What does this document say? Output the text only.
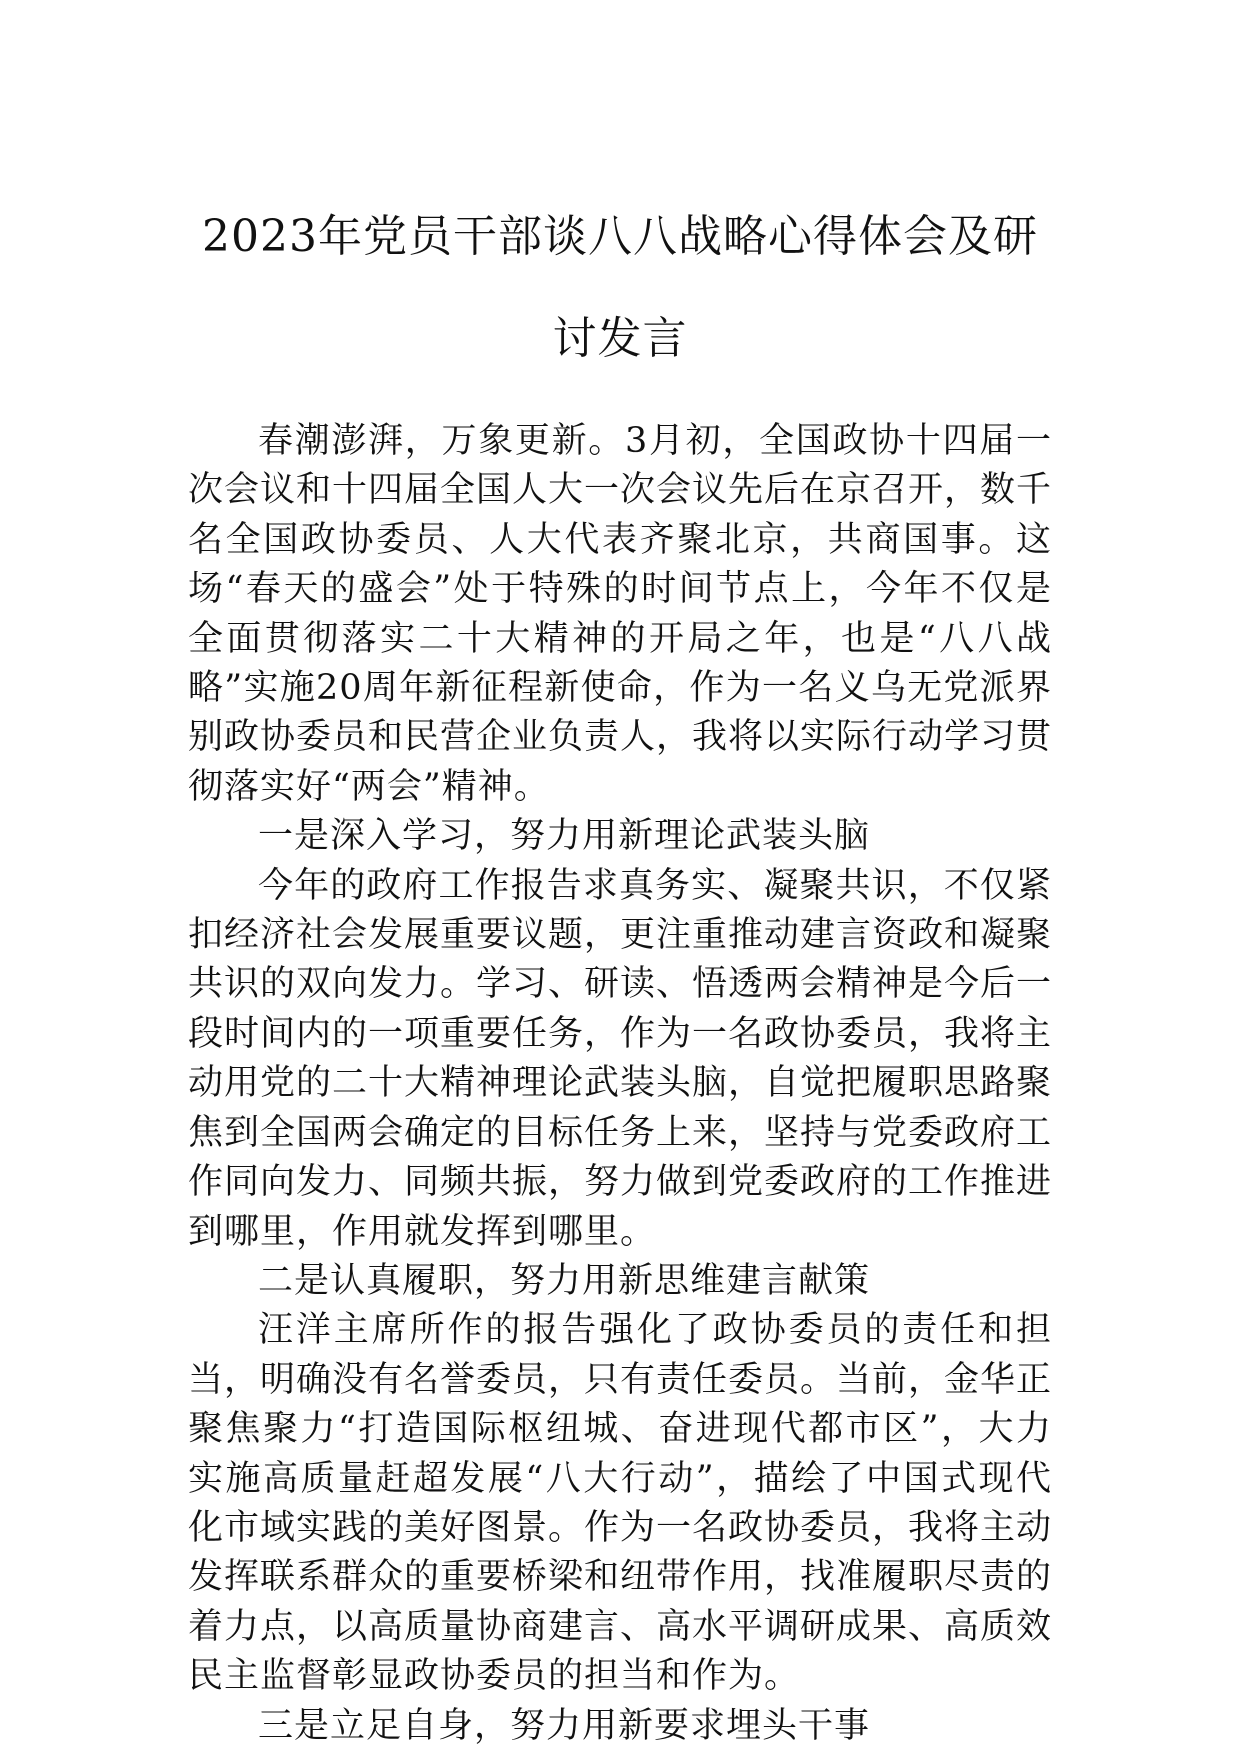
2023年党员干部谈八八战略心得体会及研讨发言

春潮澎湃，万象更新。3月初，全国政协十四届一次会议和十四届全国人大一次会议先后在京召开，数千名全国政协委员、人大代表齐聚北京，共商国事。这场“春天的盛会”处于特殊的时间节点上，今年不仅是全面贯彻落实二十大精神的开局之年，也是“八八战略”实施20周年新征程新使命，作为一名义乌无党派界别政协委员和民营企业负责人，我将以实际行动学习贯彻落实好“两会”精神。

一是深入学习，努力用新理论武装头脑

今年的政府工作报告求真务实、凝聚共识，不仅紧扣经济社会发展重要议题，更注重推动建言资政和凝聚共识的双向发力。学习、研读、悟透两会精神是今后一段时间内的一项重要任务，作为一名政协委员，我将主动用党的二十大精神理论武装头脑，自觉把履职思路聚焦到全国两会确定的目标任务上来，坚持与党委政府工作同向发力、同频共振，努力做到党委政府的工作推进到哪里，作用就发挥到哪里。

二是认真履职，努力用新思维建言献策

汪洋主席所作的报告强化了政协委员的责任和担当，明确没有名誉委员，只有责任委员。当前，金华正聚焦聚力“打造国际枢纽城、奋进现代都市区”，大力实施高质量赶超发展“八大行动”，描绘了中国式现代化市域实践的美好图景。作为一名政协委员，我将主动发挥联系群众的重要桥梁和纽带作用，找准履职尽责的着力点，以高质量协商建言、高水平调研成果、高质效民主监督彰显政协委员的担当和作为。

三是立足自身，努力用新要求埋头干事
